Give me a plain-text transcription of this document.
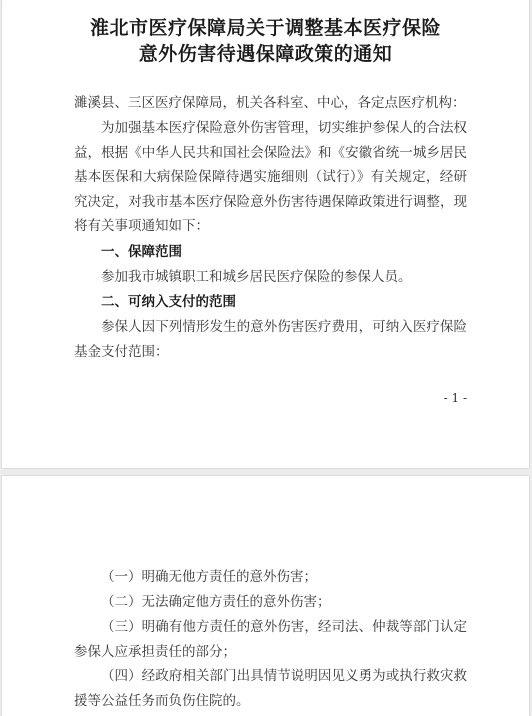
淮北市医疗保障局关于调整基本医疗保险
意外伤害待遇保障政策的通知
濉溪县、三区医疗保障局，机关各科室、中心，各定点医疗机构：
为加强基本医疗保险意外伤害管理，切实维护参保人的合法权益，根据《中华人民共和国社会保险法》和《安徽省统一城乡居民基本医保和大病保险保障待遇实施细则（试行）》有关规定，经研究决定，对我市基本医疗保险意外伤害待遇保障政策进行调整，现将有关事项通知如下：
一、保障范围
参加我市城镇职工和城乡居民医疗保险的参保人员。
二、可纳入支付的范围
参保人因下列情形发生的意外伤害医疗费用，可纳入医疗保险基金支付范围：
- 1 -
（一）明确无他方责任的意外伤害；
（二）无法确定他方责任的意外伤害；
（三）明确有他方责任的意外伤害，经司法、仲裁等部门认定参保人应承担责任的部分；
（四）经政府相关部门出具情节说明因见义勇为或执行救灾救援等公益任务而负伤住院的。
